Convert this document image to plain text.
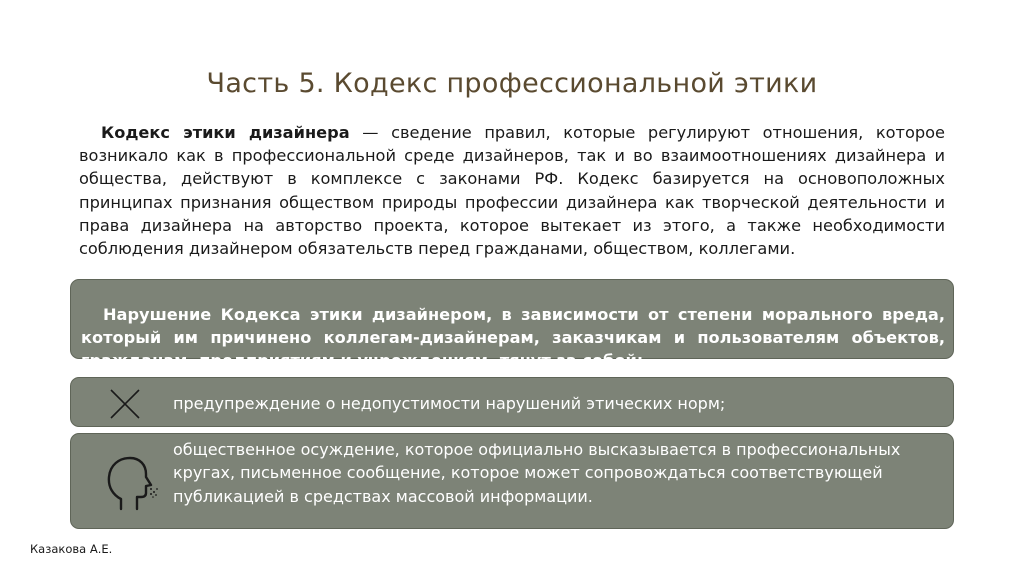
Часть 5. Кодекс профессиональной этики
Кодекс этики дизайнера — сведение правил, которые регулируют отношения, которое возникало как в профессиональной среде дизайнеров, так и во взаимоотношениях дизайнера и общества, действуют в комплексе с законами РФ. Кодекс базируется на основоположных принципах признания обществом природы профессии дизайнера как творческой деятельности и права дизайнера на авторство проекта, которое вытекает из этого, а также необходимости соблюдения дизайнером обязательств перед гражданами, обществом, коллегами.
Нарушение Кодекса этики дизайнером, в зависимости от степени морального вреда, который им причинено коллегам-дизайнерам, заказчикам и пользователям объектов, гражданам, предприятиям и учреждениям, тянут за собой:
предупреждение о недопустимости нарушений этических норм;
общественное осуждение, которое официально высказывается в профессиональных кругах, письменное сообщение, которое может сопровождаться соответствующей публикацией в средствах массовой информации.
Казакова А.Е.
